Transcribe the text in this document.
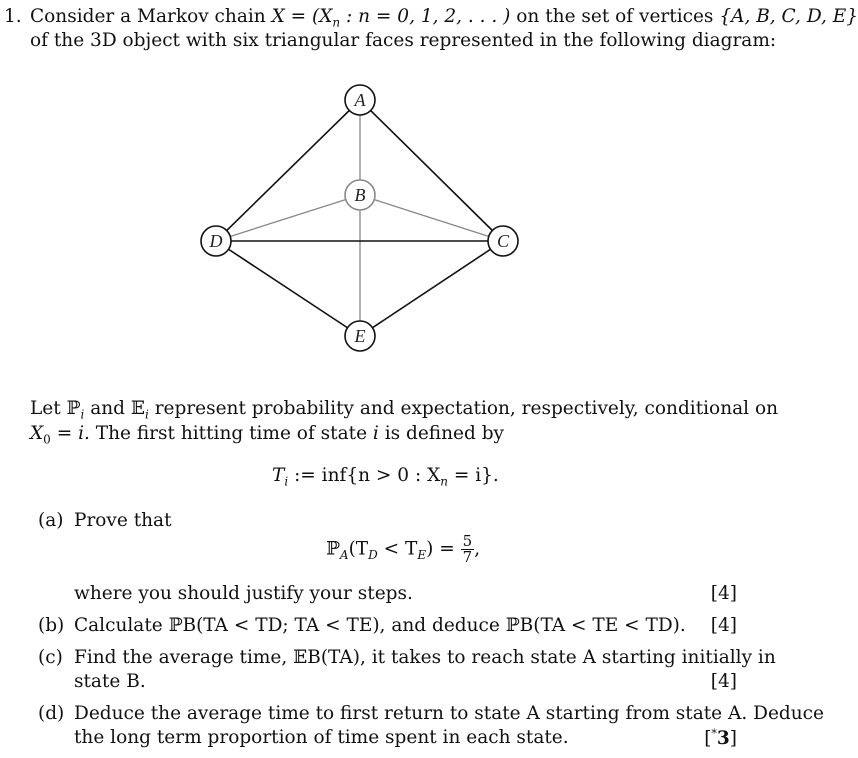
1. Consider a Markov chain $X = (X_n$ : n = 0, 1, 2, . . . ) on the set of vertices {A, B, C, D, E}
of the 3D object with six triangular faces represented in the following diagram:
A
B
C
D
E
Let ℙ$_i$ and 𝔼$_i$ represent probability and expectation, respectively, conditional on
$X_0 = i$. The first hitting time of state i is defined by
$T_i$ := inf{n > 0 : $X_n = i$}.
(a) Prove that
$ℙ_A(T_D < T_E) = \frac{5}{7}$ ,
where you should justify your steps.	[4]
(b) Calculate ℙB(TA < TD; TA < TE), and deduce ℙB(TA < TE < TD). [4]
(c) Find the average time, 𝔼B(TA), it takes to reach state A starting initially in
state B.	[4]
(d) Deduce the average time to first return to state A starting from state A. Deduce
the long term proportion of time spent in each state.	[*3]
